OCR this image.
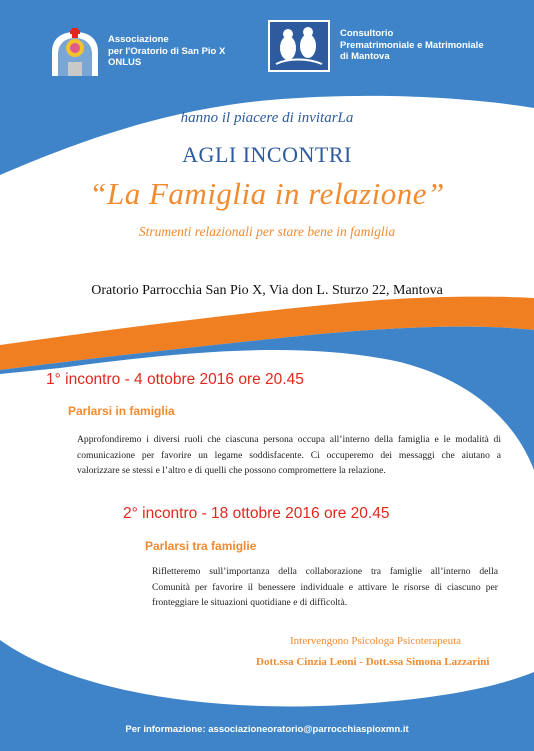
Associazione
per l'Oratorio di San Pio X
ONLUS
Consultorio
Prematrimoniale e Matrimoniale
di Mantova
hanno il piacere di invitarLa
AGLI INCONTRI
“La Famiglia in relazione”
Strumenti relazionali per stare bene in famiglia
Oratorio Parrocchia San Pio X, Via don L. Sturzo 22, Mantova
1° incontro - 4 ottobre 2016 ore 20.45
Parlarsi in famiglia
Approfondiremo i diversi ruoli che ciascuna persona occupa all’interno della famiglia e le modalità di
comunicazione per favorire un legame soddisfacente. Ci occuperemo dei messaggi che aiutano a
valorizzare se stessi e l’altro e di quelli che possono compromettere la relazione.
2° incontro - 18 ottobre 2016 ore 20.45
Parlarsi tra famiglie
Rifletteremo sull’importanza della collaborazione tra famiglie all’interno della
Comunità per favorire il benessere individuale e attivare le risorse di ciascuno per
fronteggiare le situazioni quotidiane e di difficoltà.
Intervengono Psicologa Psicoterapeuta
Dott.ssa Cinzia Leoni - Dott.ssa Simona Lazzarini
Per informazione: associazioneoratorio@parrocchiaspioxmn.it
